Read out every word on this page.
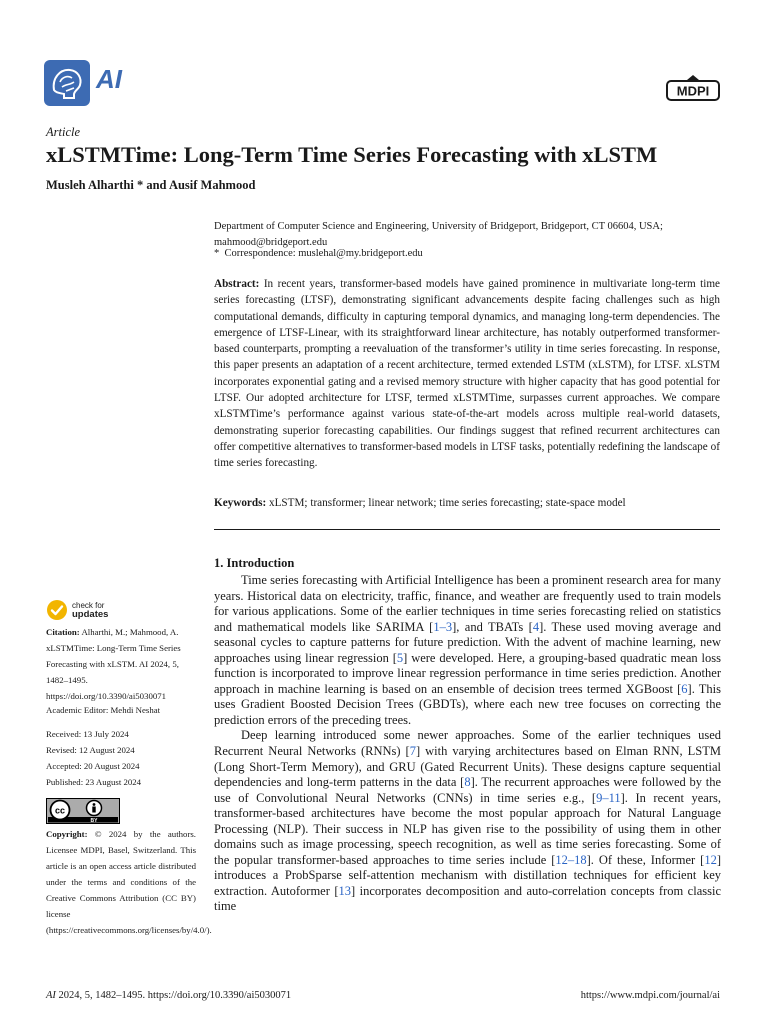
AI	MDPI
Article
xLSTMTime: Long-Term Time Series Forecasting with xLSTM
Musleh Alharthi * and Ausif Mahmood
Department of Computer Science and Engineering, University of Bridgeport, Bridgeport, CT 06604, USA; mahmood@bridgeport.edu
* Correspondence: muslehal@my.bridgeport.edu
Abstract: In recent years, transformer-based models have gained prominence in multivariate long-term time series forecasting (LTSF), demonstrating significant advancements despite facing challenges such as high computational demands, difficulty in capturing temporal dynamics, and managing long-term dependencies. The emergence of LTSF-Linear, with its straightforward linear architecture, has notably outperformed transformer-based counterparts, prompting a reevaluation of the transformer’s utility in time series forecasting. In response, this paper presents an adaptation of a recent architecture, termed extended LSTM (xLSTM), for LTSF. xLSTM incorporates exponential gating and a revised memory structure with higher capacity that has good potential for LTSF. Our adopted architecture for LTSF, termed xLSTMTime, surpasses current approaches. We compare xLSTMTime’s performance against various state-of-the-art models across multiple real-world datasets, demonstrating superior forecasting capabilities. Our findings suggest that refined recurrent architectures can offer competitive alternatives to transformer-based models in LTSF tasks, potentially redefining the landscape of time series forecasting.
Keywords: xLSTM; transformer; linear network; time series forecasting; state-space model
1. Introduction

Time series forecasting with Artificial Intelligence has been a prominent research area for many years. Historical data on electricity, traffic, finance, and weather are frequently used to train models for various applications. Some of the earlier techniques in time series forecasting relied on statistics and mathematical models like SARIMA [1–3], and TBATs [4]. These used moving average and seasonal cycles to capture patterns for future prediction. With the advent of machine learning, new approaches using linear regression [5] were developed. Here, a grouping-based quadratic mean loss function is incorporated to improve linear regression performance in time series prediction. Another approach in machine learning is based on an ensemble of decision trees termed XGBoost [6]. This uses Gradient Boosted Decision Trees (GBDTs), where each new tree focuses on correcting the prediction errors of the preceding trees.

Deep learning introduced some newer approaches. Some of the earlier techniques used Recurrent Neural Networks (RNNs) [7] with varying architectures based on Elman RNN, LSTM (Long Short-Term Memory), and GRU (Gated Recurrent Units). These designs capture sequential dependencies and long-term patterns in the data [8]. The recurrent approaches were followed by the use of Convolutional Neural Networks (CNNs) in time series e.g., [9–11]. In recent years, transformer-based architectures have become the most popular approach for Natural Language Processing (NLP). Their success in NLP has given rise to the possibility of using them in other domains such as image processing, speech recognition, as well as time series forecasting. Some of the popular transformer-based approaches to time series include [12–18]. Of these, Informer [12] introduces a ProbSparse self-attention mechanism with distillation techniques for efficient key extraction. Autoformer [13] incorporates decomposition and auto-correlation concepts from classic time

check for
updates
Citation: Alharthi, M.; Mahmood, A. xLSTMTime: Long-Term Time Series Forecasting with xLSTM. AI 2024, 5, 1482–1495. https://doi.org/10.3390/ai5030071
Academic Editor: Mehdi Neshat
Received: 13 July 2024
Revised: 12 August 2024
Accepted: 20 August 2024
Published: 23 August 2024
cc
BY
Copyright: © 2024 by the authors. Licensee MDPI, Basel, Switzerland. This article is an open access article distributed under the terms and conditions of the Creative Commons Attribution (CC BY) license (https://creativecommons.org/licenses/by/4.0/).
AI 2024, 5, 1482–1495. https://doi.org/10.3390/ai5030071	https://www.mdpi.com/journal/ai
